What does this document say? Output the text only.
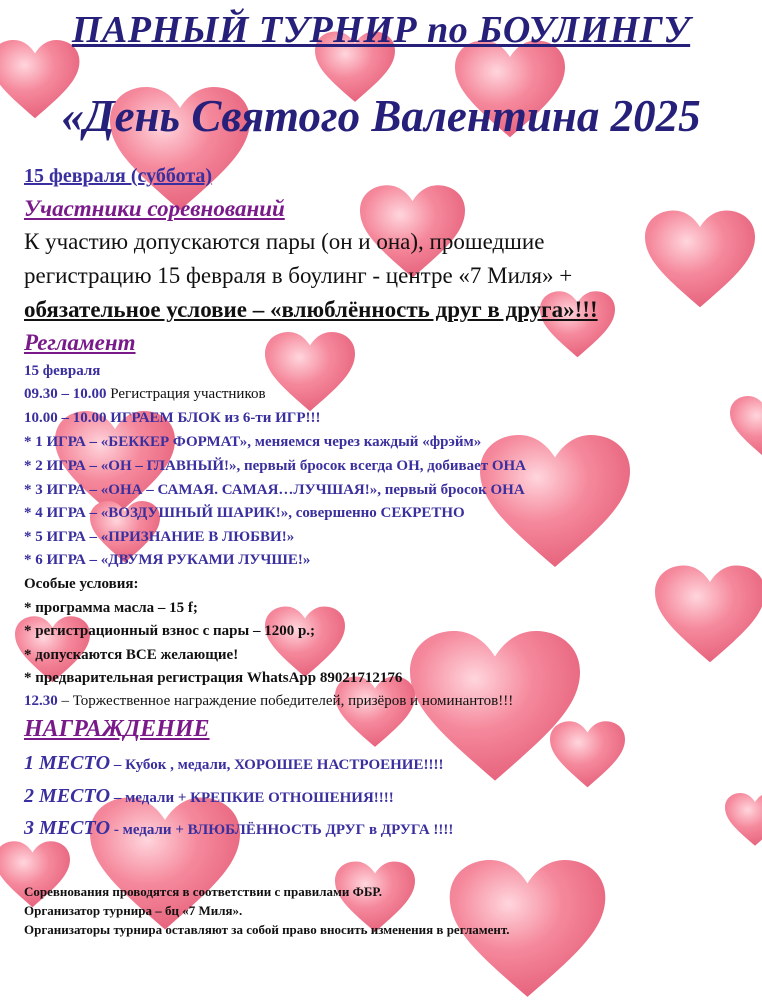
ПАРНЫЙ ТУРНИР по БОУЛИНГУ
«День Святого Валентина 2025
15 февраля (суббота)
Участники соревнований
К участию допускаются пары (он и она), прошедшие
регистрацию 15 февраля в боулинг - центре «7 Миля» +
обязательное условие – «влюблённость друг в друга»!!!
Регламент
15 февраля
09.30 – 10.00 Регистрация участников
10.00 – 10.00 ИГРАЕМ БЛОК из 6-ти ИГР!!!
* 1 ИГРА – «БЕККЕР ФОРМАТ», меняемся через каждый «фрэйм»
* 2 ИГРА – «ОН – ГЛАВНЫЙ!», первый бросок всегда ОН, добивает ОНА
* 3 ИГРА – «ОНА – САМАЯ. САМАЯ…ЛУЧШАЯ!», первый бросок ОНА
* 4 ИГРА – «ВОЗДУШНЫЙ ШАРИК!», совершенно СЕКРЕТНО
* 5 ИГРА – «ПРИЗНАНИЕ В ЛЮБВИ!»
* 6 ИГРА – «ДВУМЯ РУКАМИ ЛУЧШЕ!»
Особые условия:
* программа масла – 15 f;
* регистрационный взнос с пары – 1200 р.;
* допускаются ВСЕ желающие!
* предварительная регистрация WhatsApp 89021712176
12.30 – Торжественное награждение победителей, призёров и номинантов!!!
НАГРАЖДЕНИЕ
1 МЕСТО – Кубок , медали, ХОРОШЕЕ НАСТРОЕНИЕ!!!!
2 МЕСТО – медали + КРЕПКИЕ ОТНОШЕНИЯ!!!!
3 МЕСТО - медали + ВЛЮБЛЁННОСТЬ ДРУГ в ДРУГА !!!!
Соревнования проводятся в соответствии с правилами ФБР.
Организатор турнира – бц «7 Миля».
Организаторы турнира оставляют за собой право вносить изменения в регламент.
